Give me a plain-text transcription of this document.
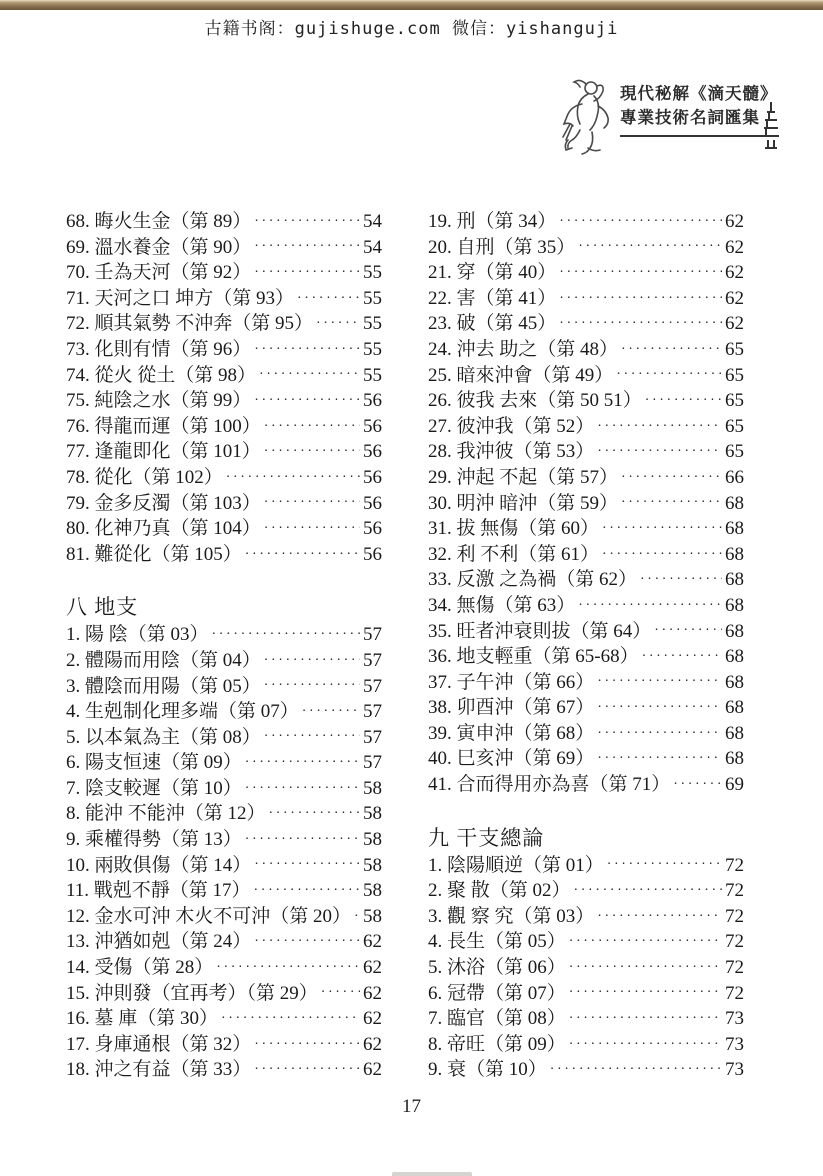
古籍书阁：gujishuge.com 微信：yishanguji
現代秘解《滴天髓》
專業技術名詞匯集
68. 晦火生金（第 89） ·····	54
69. 溫水養金（第 90） ·····	54
70. 壬為天河（第 92） ·····	55
71. 天河之口 坤方（第 93） ·····	55
72. 順其氣勢 不沖奔（第 95） ·····	55
73. 化則有情（第 96） ·····	55
74. 從火 從土（第 98） ·····	55
75. 純陰之水（第 99） ·····	56
76. 得龍而運（第 100） ·····	56
77. 逢龍即化（第 101） ·····	56
78. 從化（第 102） ·····	56
79. 金多反濁（第 103） ·····	56
80. 化神乃真（第 104） ·····	56
81. 難從化（第 105） ·····	56
八 地支
1. 陽 陰（第 03） ·····	57
2. 體陽而用陰（第 04） ·····	57
3. 體陰而用陽（第 05） ·····	57
4. 生剋制化理多端（第 07） ·····	57
5. 以本氣為主（第 08） ·····	57
6. 陽支恒速（第 09） ·····	57
7. 陰支較遲（第 10） ·····	58
8. 能沖 不能沖（第 12） ·····	58
9. 乘權得勢（第 13） ·····	58
10. 兩敗俱傷（第 14） ·····	58
11. 戰剋不靜（第 17） ·····	58
12. 金水可沖 木火不可沖（第 20） ····· 58
13. 沖猶如剋（第 24） ·····	62
14. 受傷（第 28） ·····	62
15. 沖則發（宜再考）（第 29） ····· 62
16. 墓 庫（第 30） ·····	62
17. 身庫通根（第 32） ·····	62
18. 沖之有益（第 33） ·····	62
19. 刑（第 34） ·····	62
20. 自刑（第 35） ·····	62
21. 穿（第 40） ·····	62
22. 害（第 41） ·····	62
23. 破（第 45） ·····	62
24. 沖去 助之（第 48） ·····	65
25. 暗來沖會（第 49） ·····	65
26. 彼我 去來（第 50 51） ·····	65
27. 彼沖我（第 52） ·····	65
28. 我沖彼（第 53） ·····	65
29. 沖起 不起（第 57） ·····	66
30. 明沖 暗沖（第 59） ·····	68
31. 拔 無傷（第 60） ·····	68
32. 利 不利（第 61） ·····	68
33. 反激 之為禍（第 62） ·····	68
34. 無傷（第 63） ·····	68
35. 旺者沖衰則拔（第 64） ·····	68
36. 地支輕重（第 65-68） ·····	68
37. 子午沖（第 66） ·····	68
38. 卯酉沖（第 67） ·····	68
39. 寅申沖（第 68） ·····	68
40. 巳亥沖（第 69） ·····	68
41. 合而得用亦為喜（第 71） ·····	69
九 干支總論
1. 陰陽順逆（第 01） ·····	72
2. 聚 散（第 02） ·····	72
3. 觀 察 究（第 03） ·····	72
4. 長生（第 05） ·····	72
5. 沐浴（第 06） ·····	72
6. 冠帶（第 07） ·····	72
7. 臨官（第 08） ·····	73
8. 帝旺（第 09） ·····	73
9. 衰（第 10） ·····	73
17
